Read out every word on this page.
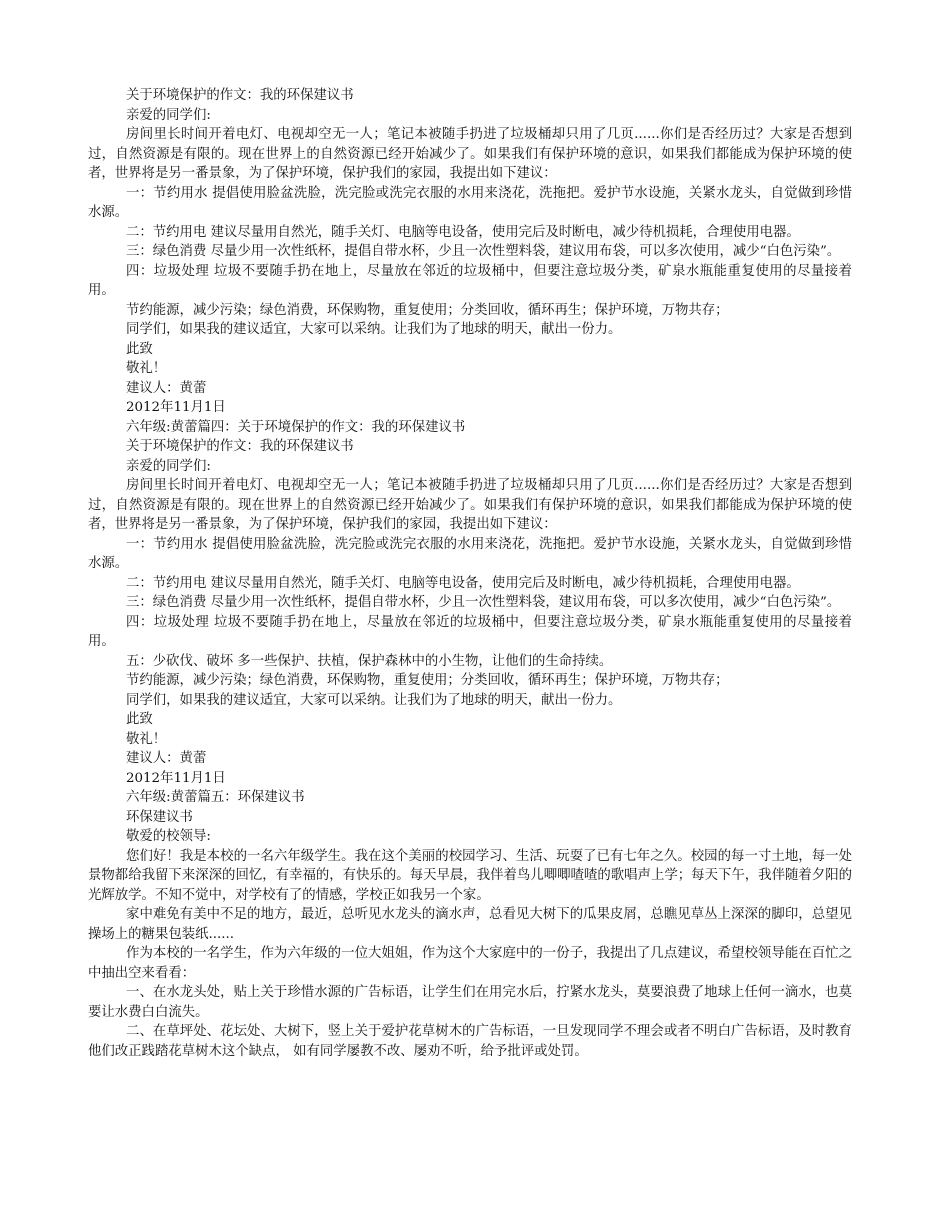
关于环境保护的作文：我的环保建议书

亲爱的同学们:

房间里长时间开着电灯、电视却空无一人；笔记本被随手扔进了垃圾桶却只用了几页......你们是否经历过？大家是否想到过，自然资源是有限的。现在世界上的自然资源已经开始减少了。如果我们有保护环境的意识，如果我们都能成为保护环境的使者，世界将是另一番景象，为了保护环境，保护我们的家园，我提出如下建议：

一：节约用水 提倡使用脸盆洗脸，洗完脸或洗完衣服的水用来浇花，洗拖把。爱护节水设施，关紧水龙头，自觉做到珍惜水源。

二：节约用电 建议尽量用自然光，随手关灯、电脑等电设备，使用完后及时断电，减少待机损耗，合理使用电器。

三：绿色消费 尽量少用一次性纸杯，提倡自带水杯，少且一次性塑料袋，建议用布袋，可以多次使用，减少“白色污染”。

四：垃圾处理 垃圾不要随手扔在地上，尽量放在邻近的垃圾桶中，但要注意垃圾分类，矿泉水瓶能重复使用的尽量接着用。

节约能源，减少污染；绿色消费，环保购物，重复使用；分类回收，循环再生；保护环境，万物共存；

同学们，如果我的建议适宜，大家可以采纳。让我们为了地球的明天，献出一份力。

此致

敬礼！

建议人：黄蕾

2012年11月1日

六年级:黄蕾篇四：关于环境保护的作文：我的环保建议书

关于环境保护的作文：我的环保建议书

亲爱的同学们:

房间里长时间开着电灯、电视却空无一人；笔记本被随手扔进了垃圾桶却只用了几页......你们是否经历过？大家是否想到过，自然资源是有限的。现在世界上的自然资源已经开始减少了。如果我们有保护环境的意识，如果我们都能成为保护环境的使者，世界将是另一番景象，为了保护环境，保护我们的家园，我提出如下建议：

一：节约用水 提倡使用脸盆洗脸，洗完脸或洗完衣服的水用来浇花，洗拖把。爱护节水设施，关紧水龙头，自觉做到珍惜水源。

二：节约用电 建议尽量用自然光，随手关灯、电脑等电设备，使用完后及时断电，减少待机损耗，合理使用电器。

三：绿色消费 尽量少用一次性纸杯，提倡自带水杯，少且一次性塑料袋，建议用布袋，可以多次使用，减少“白色污染”。

四：垃圾处理 垃圾不要随手扔在地上，尽量放在邻近的垃圾桶中，但要注意垃圾分类，矿泉水瓶能重复使用的尽量接着用。

五：少砍伐、破坏 多一些保护、扶植，保护森林中的小生物，让他们的生命持续。

节约能源，减少污染；绿色消费，环保购物，重复使用；分类回收，循环再生；保护环境，万物共存；

同学们，如果我的建议适宜，大家可以采纳。让我们为了地球的明天，献出一份力。

此致

敬礼！

建议人：黄蕾

2012年11月1日

六年级:黄蕾篇五：环保建议书

环保建议书

敬爱的校领导:

您们好！我是本校的一名六年级学生。我在这个美丽的校园学习、生活、玩耍了已有七年之久。校园的每一寸土地，每一处景物都给我留下来深深的回忆，有幸福的，有快乐的。每天早晨，我伴着鸟儿唧唧喳喳的歌唱声上学；每天下午，我伴随着夕阳的光辉放学。不知不觉中，对学校有了的情感，学校正如我另一个家。

家中难免有美中不足的地方，最近，总听见水龙头的滴水声，总看见大树下的瓜果皮屑，总瞧见草丛上深深的脚印，总望见操场上的糖果包装纸......

作为本校的一名学生，作为六年级的一位大姐姐，作为这个大家庭中的一份子，我提出了几点建议，希望校领导能在百忙之中抽出空来看看：

一、在水龙头处，贴上关于珍惜水源的广告标语，让学生们在用完水后，拧紧水龙头，莫要浪费了地球上任何一滴水，也莫要让水费白白流失。

二、在草坪处、花坛处、大树下，竖上关于爱护花草树木的广告标语，一旦发现同学不理会或者不明白广告标语，及时教育他们改正践踏花草树木这个缺点， 如有同学屡教不改、屡劝不听，给予批评或处罚。
